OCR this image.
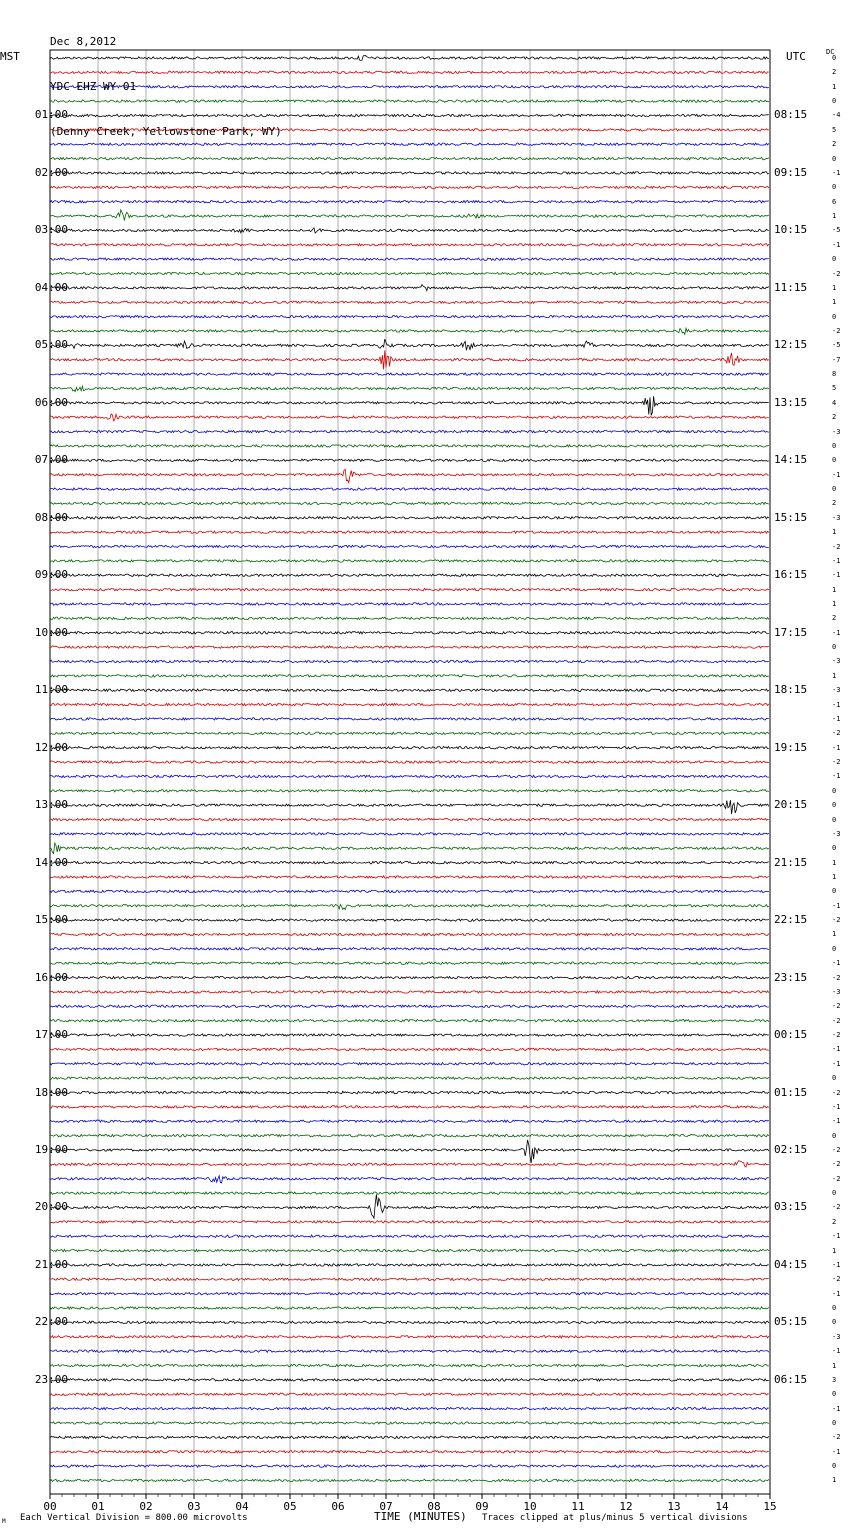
Dec 8,2012

YDC EHZ WY 01

(Denny Creek, Yellowstone Park, WY)

MST	UTC	DC
01:00	08:15
02:00	09:15
03:00	10:15
04:00	11:15
05:00	12:15
06:00	13:15
07:00	14:15
08:00	15:15
09:00	16:15
10:00	17:15
11:00	18:15
12:00	19:15
13:00	20:15
14:00	21:15
15:00	22:15
16:00	23:15
17:00	00:15
18:00	01:15
19:00	02:15
20:00	03:15
21:00	04:15
22:00	05:15
23:00	06:15
0
2
1
0
-4
5
2
0
-1
0
6
1
-5
-1
0
-2
1
1
0
-2
-5
-7
8
5
4
2
-3
0
0
-1
0
2
-3
1
-2
-1
-1
1
1
2
-1
0
-3
1
-3
-1
-1
-2
-1
-2
-1
0
0
0
-3
0
1
1
0
-1
-2
1
0
-1
-2
-3
-2
-2
-2
-1
-1
0
-2
-1
-1
0
-2
-2
-2
0
-2
2
-1
1
-1
-2
-1
0
0
-3
-1
1
3
0
-1
0
-2
-1
0
1
00	01	02	03	04	05	06	07	08	09	10	11	12	13	14	15
M Each Vertical Division = 800.00 microvolts	TIME (MINUTES) Traces clipped at plus/minus 5 vertical divisions
